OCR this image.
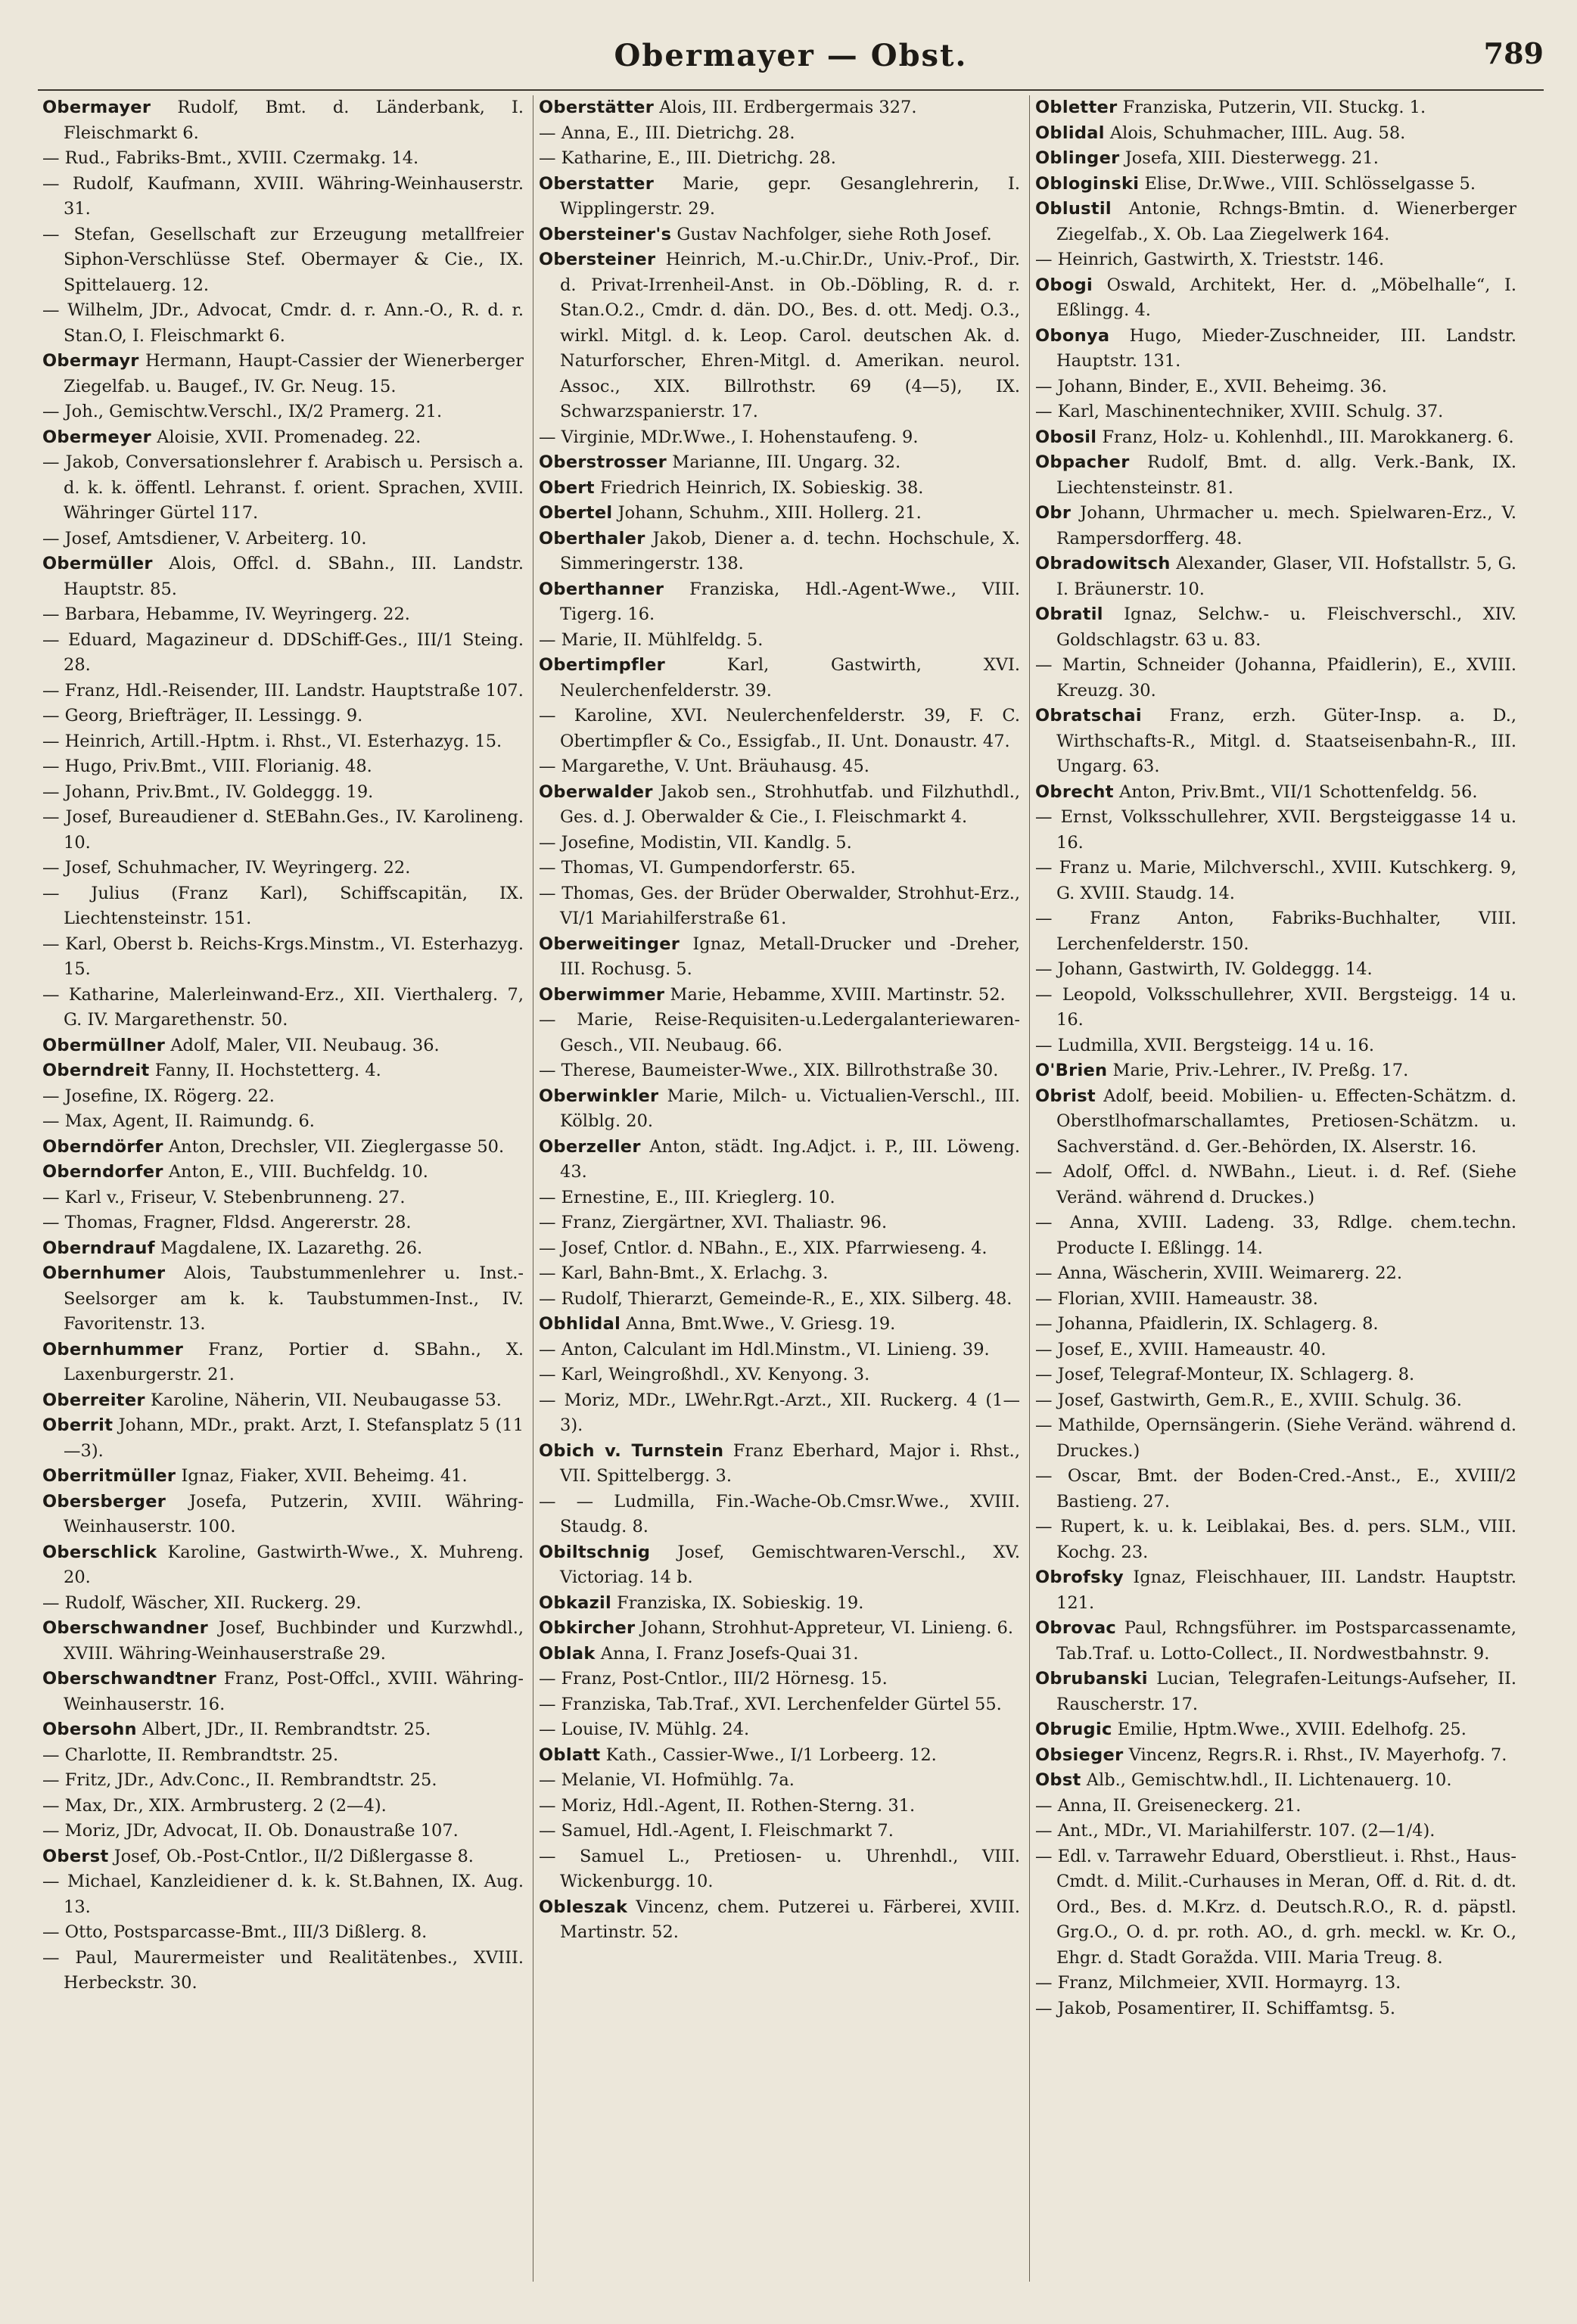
Obermayer — Obst.	789
Obermayer Rudolf, Bmt. d. Länderbank, I. Fleischmarkt 6.
— Rud., Fabriks-Bmt., XVIII. Czermakg. 14.
— Rudolf, Kaufmann, XVIII. Währing-Weinhauserstr. 31.
— Stefan, Gesellschaft zur Erzeugung metallfreier Siphon-Verschlüsse Stef. Obermayer & Cie., IX. Spittelauerg. 12.
— Wilhelm, JDr., Advocat, Cmdr. d. r. Ann.-O., R. d. r. Stan.O, I. Fleischmarkt 6.
Obermayr Hermann, Haupt-Cassier der Wienerberger Ziegelfab. u. Baugef., IV. Gr. Neug. 15.
— Joh., Gemischtw.Verschl., IX/2 Pramerg. 21.
Obermeyer Aloisie, XVII. Promenadeg. 22.
— Jakob, Conversationslehrer f. Arabisch u. Persisch a. d. k. k. öffentl. Lehranst. f. orient. Sprachen, XVIII. Währinger Gürtel 117.
— Josef, Amtsdiener, V. Arbeiterg. 10.
Obermüller Alois, Offcl. d. SBahn., III. Landstr. Hauptstr. 85.
— Barbara, Hebamme, IV. Weyringerg. 22.
— Eduard, Magazineur d. DDSchiff-Ges., III/1 Steing. 28.
— Franz, Hdl.-Reisender, III. Landstr. Hauptstraße 107.
— Georg, Briefträger, II. Lessingg. 9.
— Heinrich, Artill.-Hptm. i. Rhst., VI. Esterhazyg. 15.
— Hugo, Priv.Bmt., VIII. Florianig. 48.
— Johann, Priv.Bmt., IV. Goldeggg. 19.
— Josef, Bureaudiener d. StEBahn.Ges., IV. Karolineng. 10.
— Josef, Schuhmacher, IV. Weyringerg. 22.
— Julius (Franz Karl), Schiffscapitän, IX. Liechtensteinstr. 151.
— Karl, Oberst b. Reichs-Krgs.Minstm., VI. Esterhazyg. 15.
— Katharine, Malerleinwand-Erz., XII. Vierthalerg. 7, G. IV. Margarethenstr. 50.
Obermüllner Adolf, Maler, VII. Neubaug. 36.
Oberndreit Fanny, II. Hochstetterg. 4.
— Josefine, IX. Rögerg. 22.
— Max, Agent, II. Raimundg. 6.
Oberndörfer Anton, Drechsler, VII. Zieglergasse 50.
Oberndorfer Anton, E., VIII. Buchfeldg. 10.
— Karl v., Friseur, V. Stebenbrunneng. 27.
— Thomas, Fragner, Fldsd. Angererstr. 28.
Oberndrauf Magdalene, IX. Lazarethg. 26.
Obernhumer Alois, Taubstummenlehrer u. Inst.-Seelsorger am k. k. Taubstummen-Inst., IV. Favoritenstr. 13.
Obernhummer Franz, Portier d. SBahn., X. Laxenburgerstr. 21.
Oberreiter Karoline, Näherin, VII. Neubaugasse 53.
Oberrit Johann, MDr., prakt. Arzt, I. Stefansplatz 5 (11—3).
Oberritmüller Ignaz, Fiaker, XVII. Beheimg. 41.
Obersberger Josefa, Putzerin, XVIII. Währing-Weinhauserstr. 100.
Oberschlick Karoline, Gastwirth-Wwe., X. Muhreng. 20.
— Rudolf, Wäscher, XII. Ruckerg. 29.
Oberschwandner Josef, Buchbinder und Kurzwhdl., XVIII. Währing-Weinhauserstraße 29.
Oberschwandtner Franz, Post-Offcl., XVIII. Währing-Weinhauserstr. 16.
Obersohn Albert, JDr., II. Rembrandtstr. 25.
— Charlotte, II. Rembrandtstr. 25.
— Fritz, JDr., Adv.Conc., II. Rembrandtstr. 25.
— Max, Dr., XIX. Armbrusterg. 2 (2—4).
— Moriz, JDr, Advocat, II. Ob. Donaustraße 107.
Oberst Josef, Ob.-Post-Cntlor., II/2 Dißlergasse 8.
— Michael, Kanzleidiener d. k. k. St.Bahnen, IX. Aug. 13.
— Otto, Postsparcasse-Bmt., III/3 Dißlerg. 8.
— Paul, Maurermeister und Realitätenbes., XVIII. Herbeckstr. 30.
Oberstätter Alois, III. Erdbergermais 327.
— Anna, E., III. Dietrichg. 28.
— Katharine, E., III. Dietrichg. 28.
Oberstatter Marie, gepr. Gesanglehrerin, I. Wipplingerstr. 29.
Obersteiner's Gustav Nachfolger, siehe Roth Josef.
Obersteiner Heinrich, M.-u.Chir.Dr., Univ.-Prof., Dir. d. Privat-Irrenheil-Anst. in Ob.-Döbling, R. d. r. Stan.O.2., Cmdr. d. dän. DO., Bes. d. ott. Medj. O.3., wirkl. Mitgl. d. k. Leop. Carol. deutschen Ak. d. Naturforscher, Ehren-Mitgl. d. Amerikan. neurol. Assoc., XIX. Billrothstr. 69 (4—5), IX. Schwarzspanierstr. 17.
— Virginie, MDr.Wwe., I. Hohenstaufeng. 9.
Oberstrosser Marianne, III. Ungarg. 32.
Obert Friedrich Heinrich, IX. Sobieskig. 38.
Obertel Johann, Schuhm., XIII. Hollerg. 21.
Oberthaler Jakob, Diener a. d. techn. Hochschule, X. Simmeringerstr. 138.
Oberthanner Franziska, Hdl.-Agent-Wwe., VIII. Tigerg. 16.
— Marie, II. Mühlfeldg. 5.
Obertimpfler	Karl, Gastwirth, XVI. Neulerchenfelderstr. 39.
— Karoline, XVI. Neulerchenfelderstr. 39, F. C. Obertimpfler & Co., Essigfab., II. Unt. Donaustr. 47.
— Margarethe, V. Unt. Bräuhausg. 45.
Oberwalder Jakob sen., Strohhutfab. und Filzhuthdl., Ges. d. J. Oberwalder & Cie., I. Fleischmarkt 4.
— Josefine, Modistin, VII. Kandlg. 5.
— Thomas, VI. Gumpendorferstr. 65.
— Thomas, Ges. der Brüder Oberwalder, Strohhut-Erz., VI/1 Mariahilferstraße 61.
Oberweitinger Ignaz, Metall-Drucker und -Dreher, III. Rochusg. 5.
Oberwimmer Marie, Hebamme, XVIII. Martinstr. 52.
— Marie, Reise-Requisiten-u.Ledergalanteriewaren-Gesch., VII. Neubaug. 66.
— Therese, Baumeister-Wwe., XIX. Billrothstraße 30.
Oberwinkler Marie, Milch- u. Victualien-Verschl., III. Kölblg. 20.
Oberzeller Anton, städt. Ing.Adjct. i. P., III. Löweng. 43.
— Ernestine, E., III. Krieglerg. 10.
— Franz, Ziergärtner, XVI. Thaliastr. 96.
— Josef, Cntlor. d. NBahn., E., XIX. Pfarrwieseng. 4.
— Karl, Bahn-Bmt., X. Erlachg. 3.
— Rudolf, Thierarzt, Gemeinde-R., E., XIX. Silberg. 48.
Obhlidal Anna, Bmt.Wwe., V. Griesg. 19.
— Anton, Calculant im Hdl.Minstm., VI. Linieng. 39.
— Karl, Weingroßhdl., XV. Kenyong. 3.
— Moriz, MDr., LWehr.Rgt.-Arzt., XII. Ruckerg. 4 (1—3).
Obich v. Turnstein Franz Eberhard, Major i. Rhst., VII. Spittelbergg. 3.
— — Ludmilla, Fin.-Wache-Ob.Cmsr.Wwe., XVIII. Staudg. 8.
Obiltschnig Josef, Gemischtwaren-Verschl., XV. Victoriag. 14 b.
Obkazil Franziska, IX. Sobieskig. 19.
Obkircher Johann, Strohhut-Appreteur, VI. Linieng. 6.
Oblak Anna, I. Franz Josefs-Quai 31.
— Franz, Post-Cntlor., III/2 Hörnesg. 15.
— Franziska, Tab.Traf., XVI. Lerchenfelder Gürtel 55.
— Louise, IV. Mühlg. 24.
Oblatt Kath., Cassier-Wwe., I/1 Lorbeerg. 12.
— Melanie, VI. Hofmühlg. 7a.
— Moriz, Hdl.-Agent, II. Rothen-Sterng. 31.
— Samuel, Hdl.-Agent, I. Fleischmarkt 7.
— Samuel L., Pretiosen- u. Uhrenhdl., VIII. Wickenburgg. 10.
Obleszak Vincenz, chem. Putzerei u. Färberei, XVIII. Martinstr. 52.
Obletter Franziska, Putzerin, VII. Stuckg. 1.
Oblidal Alois, Schuhmacher, IIIL. Aug. 58.
Oblinger Josefa, XIII. Diesterwegg. 21.
Obloginski Elise, Dr.Wwe., VIII. Schlösselgasse 5.
Oblustil Antonie, Rchngs-Bmtin. d. Wienerberger Ziegelfab., X. Ob. Laa Ziegelwerk 164.
— Heinrich, Gastwirth, X. Trieststr. 146.
Obogi Oswald, Architekt, Her. d. „Möbelhalle“, I. Eßlingg. 4.
Obonya Hugo, Mieder-Zuschneider, III. Landstr. Hauptstr. 131.
— Johann, Binder, E., XVII. Beheimg. 36.
— Karl, Maschinentechniker, XVIII. Schulg. 37.
Obosil Franz, Holz- u. Kohlenhdl., III. Marokkanerg. 6.
Obpacher Rudolf, Bmt. d. allg. Verk.-Bank, IX. Liechtensteinstr. 81.
Obr Johann, Uhrmacher u. mech. Spielwaren-Erz., V. Rampersdorfferg. 48.
Obradowitsch Alexander, Glaser, VII. Hofstallstr. 5, G. I. Bräunerstr. 10.
Obratil Ignaz, Selchw.- u. Fleischverschl., XIV. Goldschlagstr. 63 u. 83.
— Martin, Schneider (Johanna, Pfaidlerin), E., XVIII. Kreuzg. 30.
Obratschai Franz, erzh. Güter-Insp. a. D., Wirthschafts-R., Mitgl. d. Staatseisenbahn-R., III. Ungarg. 63.
Obrecht Anton, Priv.Bmt., VII/1 Schottenfeldg. 56.
— Ernst, Volksschullehrer, XVII. Bergsteiggasse 14 u. 16.
— Franz u. Marie, Milchverschl., XVIII. Kutschkerg. 9, G. XVIII. Staudg. 14.
— Franz Anton, Fabriks-Buchhalter, VIII. Lerchenfelderstr. 150.
— Johann, Gastwirth, IV. Goldeggg. 14.
— Leopold, Volksschullehrer, XVII. Bergsteigg. 14 u. 16.
— Ludmilla, XVII. Bergsteigg. 14 u. 16.
O'Brien Marie, Priv.-Lehrer., IV. Preßg. 17.
Obrist Adolf, beeid. Mobilien- u. Effecten-Schätzm. d. Oberstlhofmarschallamtes, Pretiosen-Schätzm. u. Sachverständ. d. Ger.-Behörden, IX. Alserstr. 16.
— Adolf, Offcl. d. NWBahn., Lieut. i. d. Ref. (Siehe Veränd. während d. Druckes.)
— Anna, XVIII. Ladeng. 33, Rdlge. chem.techn. Producte I. Eßlingg. 14.
— Anna, Wäscherin, XVIII. Weimarerg. 22.
— Florian, XVIII. Hameaustr. 38.
— Johanna, Pfaidlerin, IX. Schlagerg. 8.
— Josef, E., XVIII. Hameaustr. 40.
— Josef, Telegraf-Monteur, IX. Schlagerg. 8.
— Josef, Gastwirth, Gem.R., E., XVIII. Schulg. 36.
— Mathilde, Opernsängerin. (Siehe Veränd. während d. Druckes.)
— Oscar, Bmt. der Boden-Cred.-Anst., E., XVIII/2 Bastieng. 27.
— Rupert, k. u. k. Leiblakai, Bes. d. pers. SLM., VIII. Kochg. 23.
Obrofsky Ignaz, Fleischhauer, III. Landstr. Hauptstr. 121.
Obrovac Paul, Rchngsführer. im Postsparcassenamte, Tab.Traf. u. Lotto-Collect., II. Nordwestbahnstr. 9.
Obrubanski Lucian, Telegrafen-Leitungs-Aufseher, II. Rauscherstr. 17.
Obrugic Emilie, Hptm.Wwe., XVIII. Edelhofg. 25.
Obsieger Vincenz, Regrs.R. i. Rhst., IV. Mayerhofg. 7.
Obst Alb., Gemischtw.hdl., II. Lichtenauerg. 10.
— Anna, II. Greiseneckerg. 21.
— Ant., MDr., VI. Mariahilferstr. 107. (2—1/4).
— Edl. v. Tarrawehr Eduard, Oberstlieut. i. Rhst., Haus-Cmdt. d. Milit.-Curhauses in Meran, Off. d. Rit. d. dt. Ord., Bes. d. M.Krz. d. Deutsch.R.O., R. d. päpstl. Grg.O., O. d. pr. roth. AO., d. grh. meckl. w. Kr. O., Ehgr. d. Stadt Goražda. VIII. Maria Treug. 8.
— Franz, Milchmeier, XVII. Hormayrg. 13.
— Jakob, Posamentirer, II. Schiffamtsg. 5.
